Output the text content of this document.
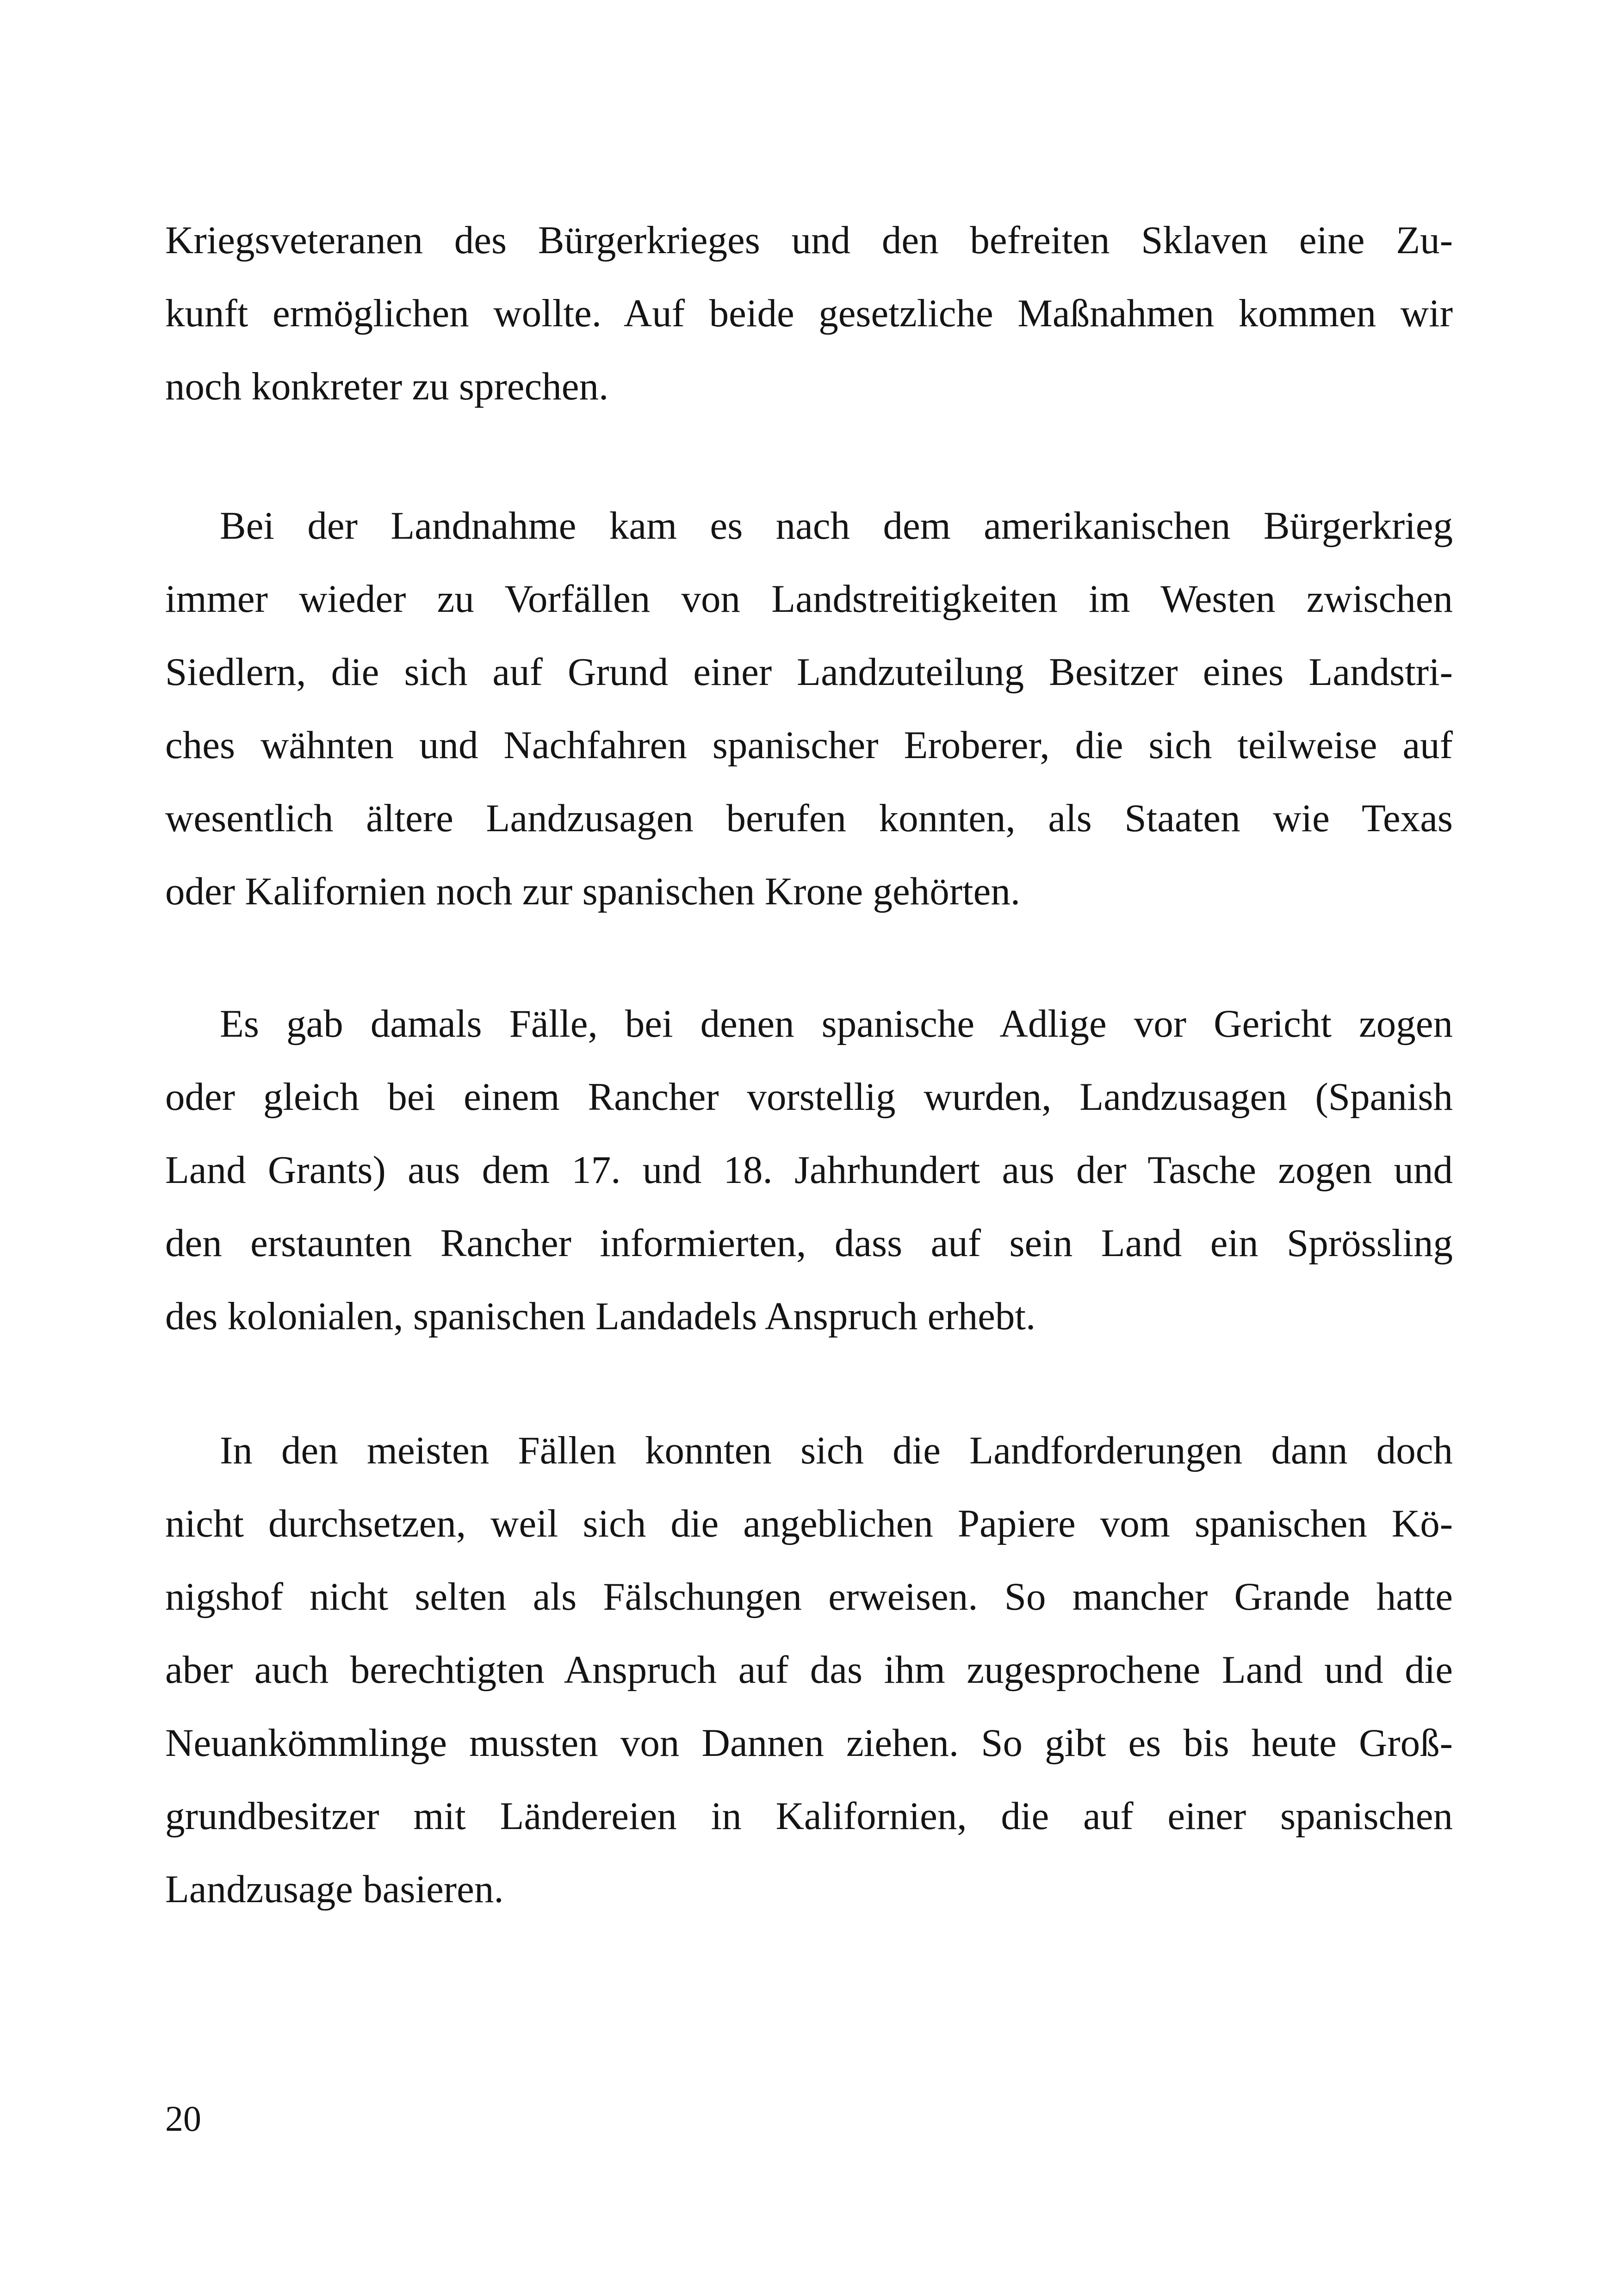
Kriegsveteranen des Bürgerkrieges und den befreiten Sklaven eine Zu-
kunft ermöglichen wollte. Auf beide gesetzliche Maßnahmen kommen wir
noch konkreter zu sprechen.
Bei der Landnahme kam es nach dem amerikanischen Bürgerkrieg
immer wieder zu Vorfällen von Landstreitigkeiten im Westen zwischen
Siedlern, die sich auf Grund einer Landzuteilung Besitzer eines Landstri-
ches wähnten und Nachfahren spanischer Eroberer, die sich teilweise auf
wesentlich ältere Landzusagen berufen konnten, als Staaten wie Texas
oder Kalifornien noch zur spanischen Krone gehörten.
Es gab damals Fälle, bei denen spanische Adlige vor Gericht zogen
oder gleich bei einem Rancher vorstellig wurden, Landzusagen (Spanish
Land Grants) aus dem 17. und 18. Jahrhundert aus der Tasche zogen und
den erstaunten Rancher informierten, dass auf sein Land ein Sprössling
des kolonialen, spanischen Landadels Anspruch erhebt.
In den meisten Fällen konnten sich die Landforderungen dann doch
nicht durchsetzen, weil sich die angeblichen Papiere vom spanischen Kö-
nigshof nicht selten als Fälschungen erweisen. So mancher Grande hatte
aber auch berechtigten Anspruch auf das ihm zugesprochene Land und die
Neuankömmlinge mussten von Dannen ziehen. So gibt es bis heute Groß-
grundbesitzer mit Ländereien in Kalifornien, die auf einer spanischen
Landzusage basieren.

20
